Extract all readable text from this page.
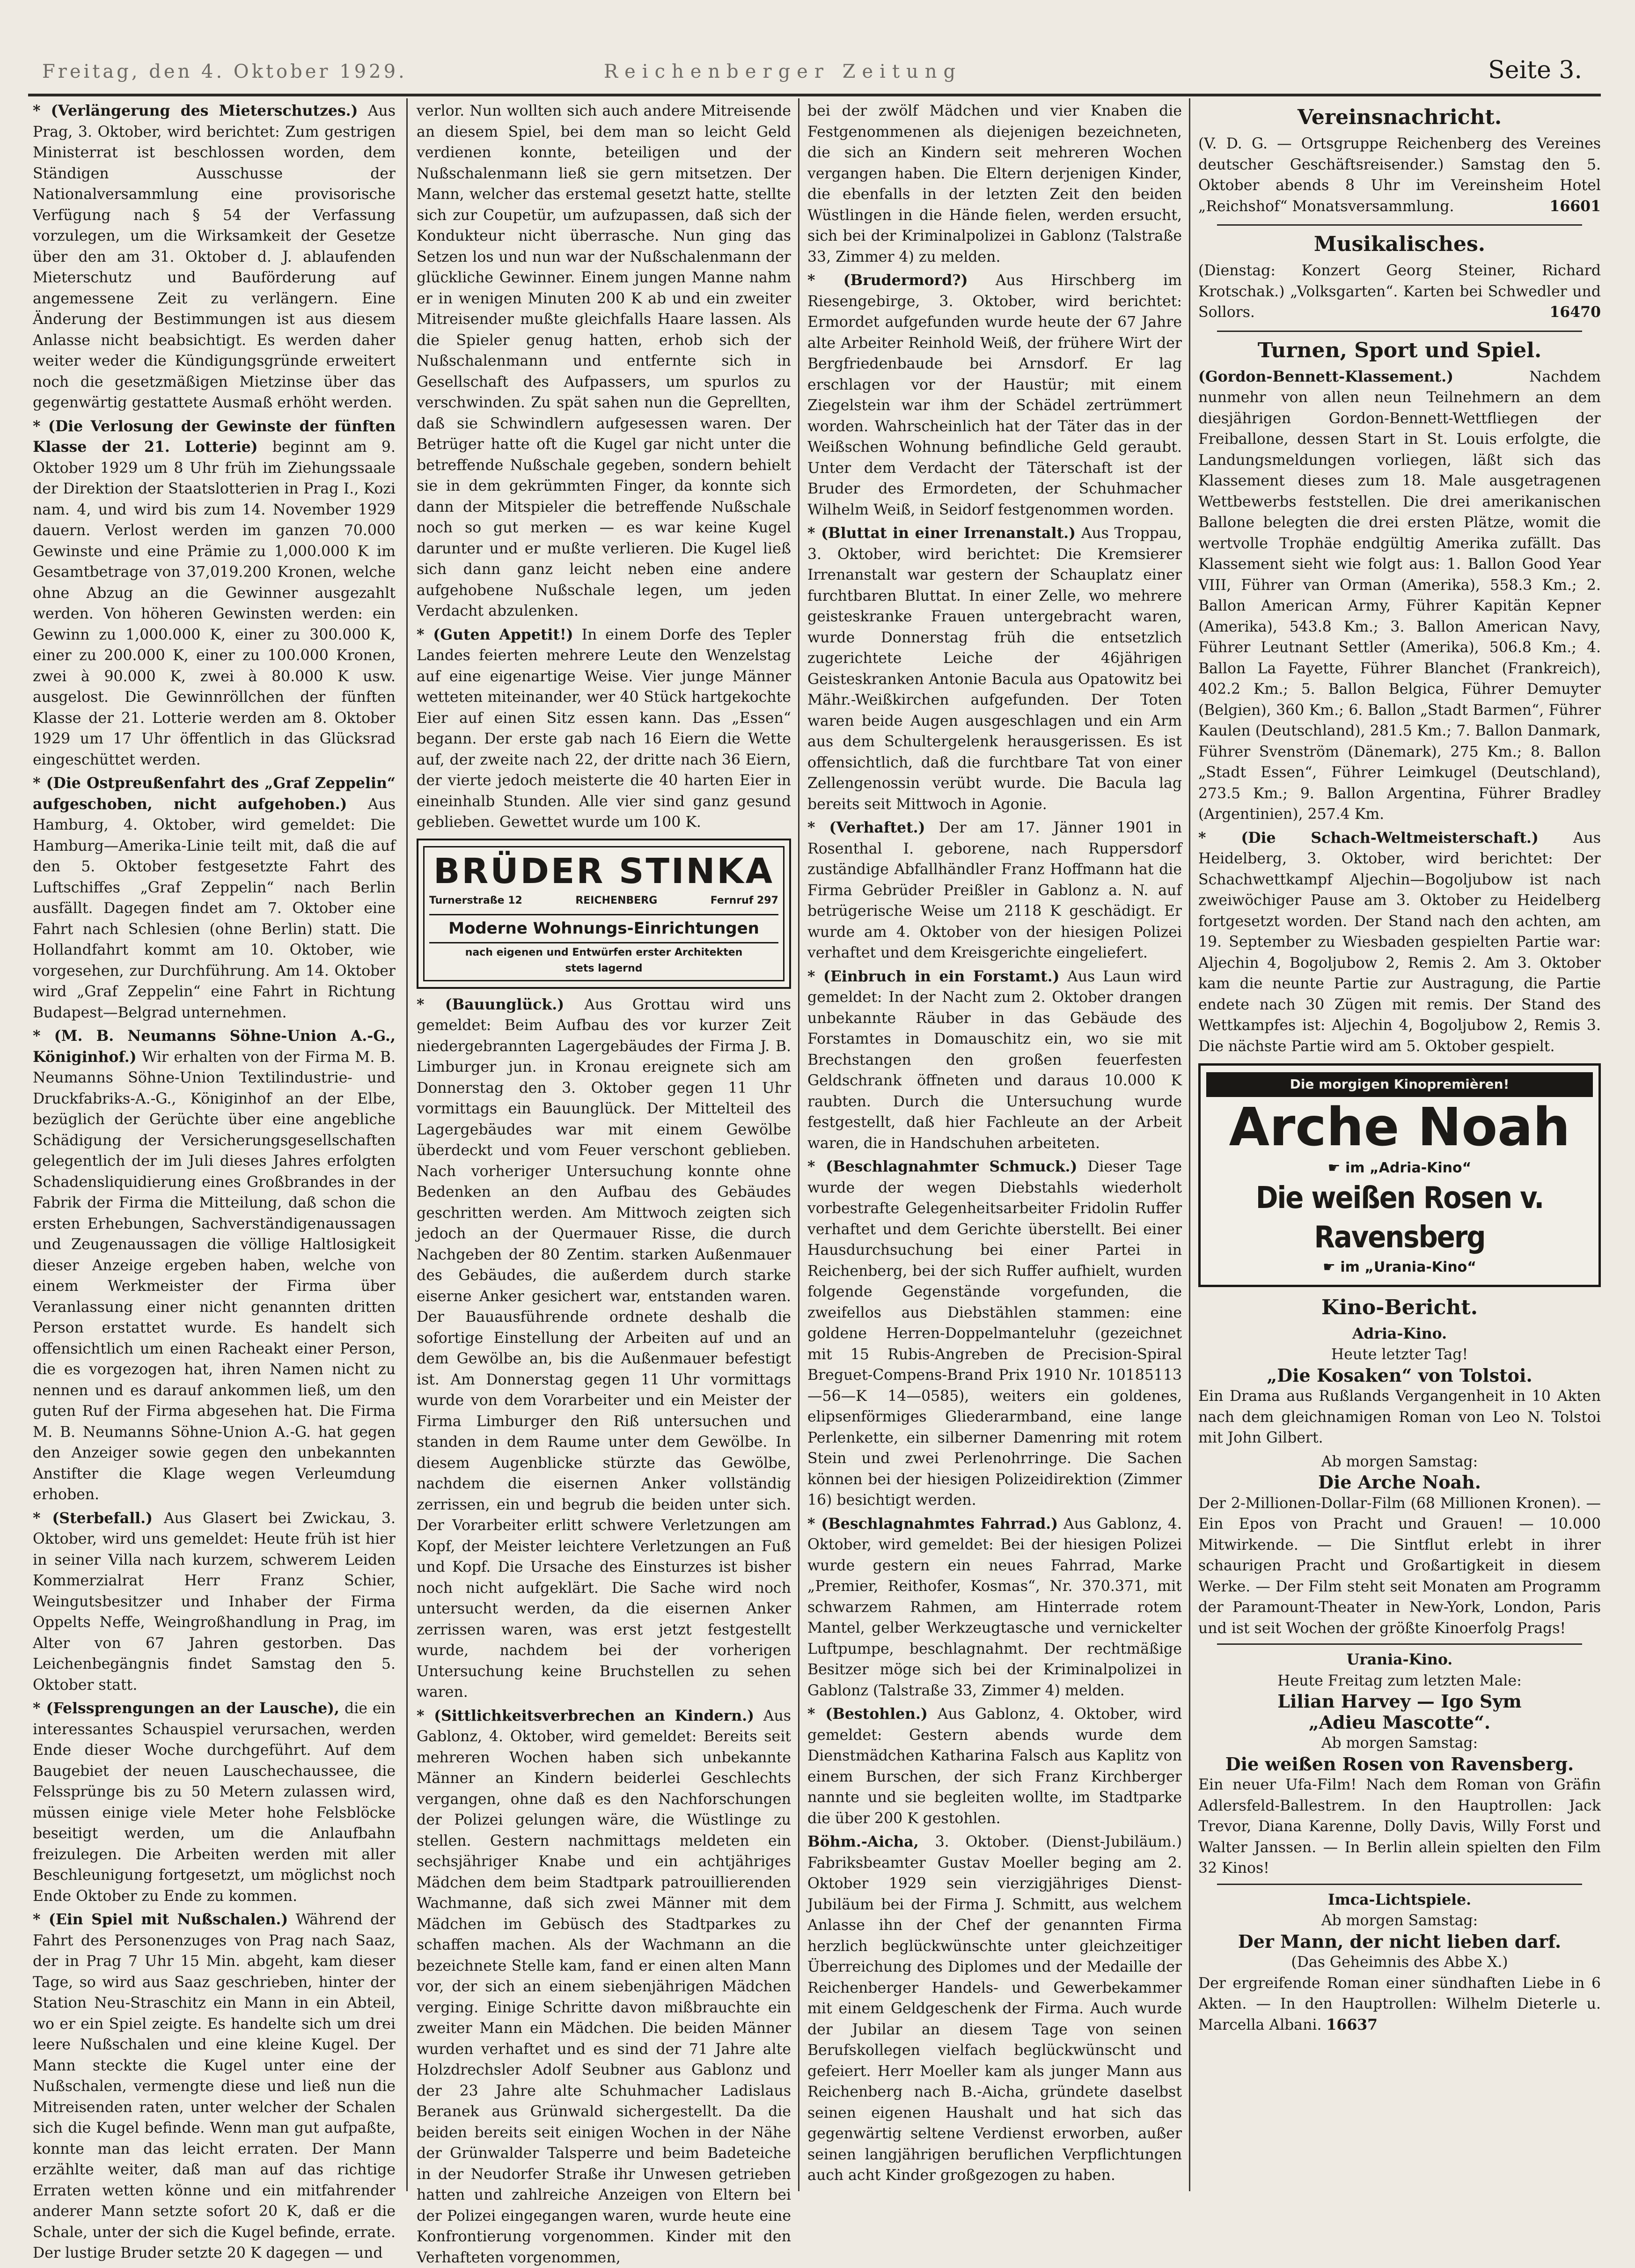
Freitag, den 4. Oktober 1929.	Reichenberger Zeitung	Seite 3.

* (Verlängerung des Mieterschutzes.) Aus Prag, 3. Oktober, wird berichtet: Zum gestrigen Ministerrat ist beschlossen worden, dem Ständigen Ausschusse der Nationalversammlung eine provisorische Verfügung nach § 54 der Verfassung vorzulegen, um die Wirksamkeit der Gesetze über den am 31. Oktober d. J. ablaufenden Mieterschutz und Bauförderung auf angemessene Zeit zu verlängern. Eine Änderung der Bestimmungen ist aus diesem Anlasse nicht beabsichtigt. Es werden daher weiter weder die Kündigungsgründe erweitert noch die gesetzmäßigen Mietzinse über das gegenwärtig gestattete Ausmaß erhöht werden.

* (Die Verlosung der Gewinste der fünften Klasse der 21. Lotterie) beginnt am 9. Oktober 1929 um 8 Uhr früh im Ziehungssaale der Direktion der Staatslotterien in Prag I., Kozi nam. 4, und wird bis zum 14. November 1929 dauern. Verlost werden im ganzen 70.000 Gewinste und eine Prämie zu 1,000.000 K im Gesamtbetrage von 37,019.200 Kronen, welche ohne Abzug an die Gewinner ausgezahlt werden. Von höheren Gewinsten werden: ein Gewinn zu 1,000.000 K, einer zu 300.000 K, einer zu 200.000 K, einer zu 100.000 Kronen, zwei à 90.000 K, zwei à 80.000 K usw. ausgelost. Die Gewinnröllchen der fünften Klasse der 21. Lotterie werden am 8. Oktober 1929 um 17 Uhr öffentlich in das Glücksrad eingeschüttet werden.

* (Die Ostpreußenfahrt des „Graf Zeppelin“ aufgeschoben, nicht aufgehoben.) Aus Hamburg, 4. Oktober, wird gemeldet: Die Hamburg—Amerika-Linie teilt mit, daß die auf den 5. Oktober festgesetzte Fahrt des Luftschiffes „Graf Zeppelin“ nach Berlin ausfällt. Dagegen findet am 7. Oktober eine Fahrt nach Schlesien (ohne Berlin) statt. Die Hollandfahrt kommt am 10. Oktober, wie vorgesehen, zur Durchführung. Am 14. Oktober wird „Graf Zeppelin“ eine Fahrt in Richtung Budapest—Belgrad unternehmen.

* (M. B. Neumanns Söhne-Union A.-G., Königinhof.) Wir erhalten von der Firma M. B. Neumanns Söhne-Union Textilindustrie- und Druckfabriks-A.-G., Königinhof an der Elbe, bezüglich der Gerüchte über eine angebliche Schädigung der Versicherungsgesellschaften gelegentlich der im Juli dieses Jahres erfolgten Schadensliquidierung eines Großbrandes in der Fabrik der Firma die Mitteilung, daß schon die ersten Erhebungen, Sachverständigenaussagen und Zeugenaussagen die völlige Haltlosigkeit dieser Anzeige ergeben haben, welche von einem Werkmeister der Firma über Veranlassung einer nicht genannten dritten Person erstattet wurde. Es handelt sich offensichtlich um einen Racheakt einer Person, die es vorgezogen hat, ihren Namen nicht zu nennen und es darauf ankommen ließ, um den guten Ruf der Firma abgesehen hat. Die Firma M. B. Neumanns Söhne-Union A.-G. hat gegen den Anzeiger sowie gegen den unbekannten Anstifter die Klage wegen Verleumdung erhoben.

* (Sterbefall.) Aus Glasert bei Zwickau, 3. Oktober, wird uns gemeldet: Heute früh ist hier in seiner Villa nach kurzem, schwerem Leiden Kommerzialrat Herr Franz Schier, Weingutsbesitzer und Inhaber der Firma Oppelts Neffe, Weingroßhandlung in Prag, im Alter von 67 Jahren gestorben. Das Leichenbegängnis findet Samstag den 5. Oktober statt.

* (Felssprengungen an der Lausche), die ein interessantes Schauspiel verursachen, werden Ende dieser Woche durchgeführt. Auf dem Baugebiet der neuen Lauschechaussee, die Felssprünge bis zu 50 Metern zulassen wird, müssen einige viele Meter hohe Felsblöcke beseitigt werden, um die Anlaufbahn freizulegen. Die Arbeiten werden mit aller Beschleunigung fortgesetzt, um möglichst noch Ende Oktober zu Ende zu kommen.

* (Ein Spiel mit Nußschalen.) Während der Fahrt des Personenzuges von Prag nach Saaz, der in Prag 7 Uhr 15 Min. abgeht, kam dieser Tage, so wird aus Saaz geschrieben, hinter der Station Neu-Straschitz ein Mann in ein Abteil, wo er ein Spiel zeigte. Es handelte sich um drei leere Nußschalen und eine kleine Kugel. Der Mann steckte die Kugel unter eine der Nußschalen, vermengte diese und ließ nun die Mitreisenden raten, unter welcher der Schalen sich die Kugel befinde. Wenn man gut aufpaßte, konnte man das leicht erraten. Der Mann erzählte weiter, daß man auf das richtige Erraten wetten könne und ein mitfahrender anderer Mann setzte sofort 20 K, daß er die Schale, unter der sich die Kugel befinde, errate. Der lustige Bruder setzte 20 K dagegen — und

verlor. Nun wollten sich auch andere Mitreisende an diesem Spiel, bei dem man so leicht Geld verdienen konnte, beteiligen und der Nußschalenmann ließ sie gern mitsetzen. Der Mann, welcher das erstemal gesetzt hatte, stellte sich zur Coupetür, um aufzupassen, daß sich der Kondukteur nicht überrasche. Nun ging das Setzen los und nun war der Nußschalenmann der glückliche Gewinner. Einem jungen Manne nahm er in wenigen Minuten 200 K ab und ein zweiter Mitreisender mußte gleichfalls Haare lassen. Als die Spieler genug hatten, erhob sich der Nußschalenmann und entfernte sich in Gesellschaft des Aufpassers, um spurlos zu verschwinden. Zu spät sahen nun die Geprellten, daß sie Schwindlern aufgesessen waren. Der Betrüger hatte oft die Kugel gar nicht unter die betreffende Nußschale gegeben, sondern behielt sie in dem gekrümmten Finger, da konnte sich dann der Mitspieler die betreffende Nußschale noch so gut merken — es war keine Kugel darunter und er mußte verlieren. Die Kugel ließ sich dann ganz leicht neben eine andere aufgehobene Nußschale legen, um jeden Verdacht abzulenken.

* (Guten Appetit!) In einem Dorfe des Tepler Landes feierten mehrere Leute den Wenzelstag auf eine eigenartige Weise. Vier junge Männer wetteten miteinander, wer 40 Stück hartgekochte Eier auf einen Sitz essen kann. Das „Essen“ begann. Der erste gab nach 16 Eiern die Wette auf, der zweite nach 22, der dritte nach 36 Eiern, der vierte jedoch meisterte die 40 harten Eier in eineinhalb Stunden. Alle vier sind ganz gesund geblieben. Gewettet wurde um 100 K.

BRÜDER STINKA
Turnerstraße 12	REICHENBERG	Fernruf 297
Moderne Wohnungs-Einrichtungen
nach eigenen und Entwürfen erster Architekten
stets lagernd

* (Bauunglück.) Aus Grottau wird uns gemeldet: Beim Aufbau des vor kurzer Zeit niedergebrannten Lagergebäudes der Firma J. B. Limburger jun. in Kronau ereignete sich am Donnerstag den 3. Oktober gegen 11 Uhr vormittags ein Bauunglück. Der Mittelteil des Lagergebäudes war mit einem Gewölbe überdeckt und vom Feuer verschont geblieben. Nach vorheriger Untersuchung konnte ohne Bedenken an den Aufbau des Gebäudes geschritten werden. Am Mittwoch zeigten sich jedoch an der Quermauer Risse, die durch Nachgeben der 80 Zentim. starken Außenmauer des Gebäudes, die außerdem durch starke eiserne Anker gesichert war, entstanden waren. Der Bauausführende ordnete deshalb die sofortige Einstellung der Arbeiten auf und an dem Gewölbe an, bis die Außenmauer befestigt ist. Am Donnerstag gegen 11 Uhr vormittags wurde von dem Vorarbeiter und ein Meister der Firma Limburger den Riß untersuchen und standen in dem Raume unter dem Gewölbe. In diesem Augenblicke stürzte das Gewölbe, nachdem die eisernen Anker vollständig zerrissen, ein und begrub die beiden unter sich. Der Vorarbeiter erlitt schwere Verletzungen am Kopf, der Meister leichtere Verletzungen an Fuß und Kopf. Die Ursache des Einsturzes ist bisher noch nicht aufgeklärt. Die Sache wird noch untersucht werden, da die eisernen Anker zerrissen waren, was erst jetzt festgestellt wurde, nachdem bei der vorherigen Untersuchung keine Bruchstellen zu sehen waren.

* (Sittlichkeitsverbrechen an Kindern.) Aus Gablonz, 4. Oktober, wird gemeldet: Bereits seit mehreren Wochen haben sich unbekannte Männer an Kindern beiderlei Geschlechts vergangen, ohne daß es den Nachforschungen der Polizei gelungen wäre, die Wüstlinge zu stellen. Gestern nachmittags meldeten ein sechsjähriger Knabe und ein achtjähriges Mädchen dem beim Stadtpark patrouillierenden Wachmanne, daß sich zwei Männer mit dem Mädchen im Gebüsch des Stadtparkes zu schaffen machen. Als der Wachmann an die bezeichnete Stelle kam, fand er einen alten Mann vor, der sich an einem siebenjährigen Mädchen verging. Einige Schritte davon mißbrauchte ein zweiter Mann ein Mädchen. Die beiden Männer wurden verhaftet und es sind der 71 Jahre alte Holzdrechsler Adolf Seubner aus Gablonz und der 23 Jahre alte Schuhmacher Ladislaus Beranek aus Grünwald sichergestellt. Da die beiden bereits seit einigen Wochen in der Nähe der Grünwalder Talsperre und beim Badeteiche in der Neudorfer Straße ihr Unwesen getrieben hatten und zahlreiche Anzeigen von Eltern bei der Polizei eingegangen waren, wurde heute eine Konfrontierung vorgenommen. Kinder mit den Verhafteten vorgenommen,

bei der zwölf Mädchen und vier Knaben die Festgenommenen als diejenigen bezeichneten, die sich an Kindern seit mehreren Wochen vergangen haben. Die Eltern derjenigen Kinder, die ebenfalls in der letzten Zeit den beiden Wüstlingen in die Hände fielen, werden ersucht, sich bei der Kriminalpolizei in Gablonz (Talstraße 33, Zimmer 4) zu melden.

* (Brudermord?) Aus Hirschberg im Riesengebirge, 3. Oktober, wird berichtet: Ermordet aufgefunden wurde heute der 67 Jahre alte Arbeiter Reinhold Weiß, der frühere Wirt der Bergfriedenbaude bei Arnsdorf. Er lag erschlagen vor der Haustür; mit einem Ziegelstein war ihm der Schädel zertrümmert worden. Wahrscheinlich hat der Täter das in der Weißschen Wohnung befindliche Geld geraubt. Unter dem Verdacht der Täterschaft ist der Bruder des Ermordeten, der Schuhmacher Wilhelm Weiß, in Seidorf festgenommen worden.

* (Bluttat in einer Irrenanstalt.) Aus Troppau, 3. Oktober, wird berichtet: Die Kremsierer Irrenanstalt war gestern der Schauplatz einer furchtbaren Bluttat. In einer Zelle, wo mehrere geisteskranke Frauen untergebracht waren, wurde Donnerstag früh die entsetzlich zugerichtete Leiche der 46jährigen Geisteskranken Antonie Bacula aus Opatowitz bei Mähr.-Weißkirchen aufgefunden. Der Toten waren beide Augen ausgeschlagen und ein Arm aus dem Schultergelenk herausgerissen. Es ist offensichtlich, daß die furchtbare Tat von einer Zellengenossin verübt wurde. Die Bacula lag bereits seit Mittwoch in Agonie.

* (Verhaftet.) Der am 17. Jänner 1901 in Rosenthal I. geborene, nach Ruppersdorf zuständige Abfallhändler Franz Hoffmann hat die Firma Gebrüder Preißler in Gablonz a. N. auf betrügerische Weise um 2118 K geschädigt. Er wurde am 4. Oktober von der hiesigen Polizei verhaftet und dem Kreisgerichte eingeliefert.

* (Einbruch in ein Forstamt.) Aus Laun wird gemeldet: In der Nacht zum 2. Oktober drangen unbekannte Räuber in das Gebäude des Forstamtes in Domauschitz ein, wo sie mit Brechstangen den großen feuerfesten Geldschrank öffneten und daraus 10.000 K raubten. Durch die Untersuchung wurde festgestellt, daß hier Fachleute an der Arbeit waren, die in Handschuhen arbeiteten.

* (Beschlagnahmter Schmuck.) Dieser Tage wurde der wegen Diebstahls wiederholt vorbestrafte Gelegenheitsarbeiter Fridolin Ruffer verhaftet und dem Gerichte überstellt. Bei einer Hausdurchsuchung bei einer Partei in Reichenberg, bei der sich Ruffer aufhielt, wurden folgende Gegenstände vorgefunden, die zweifellos aus Diebstählen stammen: eine goldene Herren-Doppelmanteluhr (gezeichnet mit 15 Rubis-Angreben de Precision-Spiral Breguet-Compens-Brand Prix 1910 Nr. 10185113—56—K 14—0585), weiters ein goldenes, elipsenförmiges Gliederarmband, eine lange Perlenkette, ein silberner Damenring mit rotem Stein und zwei Perlenohrringe. Die Sachen können bei der hiesigen Polizeidirektion (Zimmer 16) besichtigt werden.

* (Beschlagnahmtes Fahrrad.) Aus Gablonz, 4. Oktober, wird gemeldet: Bei der hiesigen Polizei wurde gestern ein neues Fahrrad, Marke „Premier, Reithofer, Kosmas“, Nr. 370.371, mit schwarzem Rahmen, am Hinterrade rotem Mantel, gelber Werkzeugtasche und vernickelter Luftpumpe, beschlagnahmt. Der rechtmäßige Besitzer möge sich bei der Kriminalpolizei in Gablonz (Talstraße 33, Zimmer 4) melden.

* (Bestohlen.) Aus Gablonz, 4. Oktober, wird gemeldet: Gestern abends wurde dem Dienstmädchen Katharina Falsch aus Kaplitz von einem Burschen, der sich Franz Kirchberger nannte und sie begleiten wollte, im Stadtparke die über 200 K gestohlen.

Böhm.-Aicha, 3. Oktober. (Dienst-Jubiläum.) Fabriksbeamter Gustav Moeller beging am 2. Oktober 1929 sein vierzigjähriges Dienst-Jubiläum bei der Firma J. Schmitt, aus welchem Anlasse ihn der Chef der genannten Firma herzlich beglückwünschte unter gleichzeitiger Überreichung des Diplomes und der Medaille der Reichenberger Handels- und Gewerbekammer mit einem Geldgeschenk der Firma. Auch wurde der Jubilar an diesem Tage von seinen Berufskollegen vielfach beglückwünscht und gefeiert. Herr Moeller kam als junger Mann aus Reichenberg nach B.-Aicha, gründete daselbst seinen eigenen Haushalt und hat sich das gegenwärtig seltene Verdienst erworben, außer seinen langjährigen beruflichen Verpflichtungen auch acht Kinder großgezogen zu haben.

Vereinsnachricht.

(V. D. G. — Ortsgruppe Reichenberg des Vereines deutscher Geschäftsreisender.) Samstag den 5. Oktober abends 8 Uhr im Vereinsheim Hotel „Reichshof“ Monatsversammlung.	16601

Musikalisches.

(Dienstag: Konzert Georg Steiner, Richard Krotschak.) „Volksgarten“. Karten bei Schwedler und Sollors.	16470

Turnen, Sport und Spiel.

(Gordon-Bennett-Klassement.)	Nachdem nunmehr von allen neun Teilnehmern an dem diesjährigen Gordon-Bennett-Wettfliegen der Freiballone, dessen Start in St. Louis erfolgte, die Landungsmeldungen vorliegen, läßt sich das Klassement dieses zum 18. Male ausgetragenen Wettbewerbs feststellen. Die drei amerikanischen Ballone belegten die drei ersten Plätze, womit die wertvolle Trophäe endgültig Amerika zufällt. Das Klassement sieht wie folgt aus: 1. Ballon Good Year VIII, Führer van Orman (Amerika), 558.3 Km.; 2. Ballon American Army, Führer Kapitän Kepner (Amerika), 543.8 Km.; 3. Ballon American Navy, Führer Leutnant Settler (Amerika), 506.8 Km.; 4. Ballon La Fayette, Führer Blanchet (Frankreich), 402.2 Km.; 5. Ballon Belgica, Führer Demuyter (Belgien), 360 Km.; 6. Ballon „Stadt Barmen“, Führer Kaulen (Deutschland), 281.5 Km.; 7. Ballon Danmark, Führer Svenström (Dänemark), 275 Km.; 8. Ballon „Stadt Essen“, Führer Leimkugel (Deutschland), 273.5 Km.; 9. Ballon Argentina, Führer Bradley (Argentinien), 257.4 Km.

* (Die Schach-Weltmeisterschaft.) Aus Heidelberg, 3. Oktober, wird berichtet: Der Schachwettkampf Aljechin—Bogoljubow ist nach zweiwöchiger Pause am 3. Oktober zu Heidelberg fortgesetzt worden. Der Stand nach den achten, am 19. September zu Wiesbaden gespielten Partie war: Aljechin 4, Bogoljubow 2, Remis 2. Am 3. Oktober kam die neunte Partie zur Austragung, die Partie endete nach 30 Zügen mit remis. Der Stand des Wettkampfes ist: Aljechin 4, Bogoljubow 2, Remis 3. Die nächste Partie wird am 5. Oktober gespielt.

Die morgigen Kinopremièren!
Arche Noah
☛ im „Adria-Kino“
Die weißen Rosen v. Ravensberg
☛ im „Urania-Kino“
Kino-Bericht.
Adria-Kino.
Heute letzter Tag!
„Die Kosaken“ von Tolstoi.

Ein Drama aus Rußlands Vergangenheit in 10 Akten nach dem gleichnamigen Roman von Leo N. Tolstoi mit John Gilbert.

Ab morgen Samstag:
Die Arche Noah.

Der 2-Millionen-Dollar-Film (68 Millionen Kronen). — Ein Epos von Pracht und Grauen! — 10.000 Mitwirkende. — Die Sintflut erlebt in ihrer schaurigen Pracht und Großartigkeit in diesem Werke. — Der Film steht seit Monaten am Programm der Paramount-Theater in New-York, London, Paris und ist seit Wochen der größte Kinoerfolg Prags!

Urania-Kino.
Heute Freitag zum letzten Male:
Lilian Harvey — Igo Sym
„Adieu Mascotte“.
Ab morgen Samstag:
Die weißen Rosen von Ravensberg.

Ein neuer Ufa-Film! Nach dem Roman von Gräfin Adlersfeld-Ballestrem. In den Hauptrollen: Jack Trevor, Diana Karenne, Dolly Davis, Willy Forst und Walter Janssen. — In Berlin allein spielten den Film 32 Kinos!

Imca-Lichtspiele.
Ab morgen Samstag:
Der Mann, der nicht lieben darf.
(Das Geheimnis des Abbe X.)

Der ergreifende Roman einer sündhaften Liebe in 6 Akten. — In den Hauptrollen: Wilhelm Dieterle u. Marcella Albani. 16637
